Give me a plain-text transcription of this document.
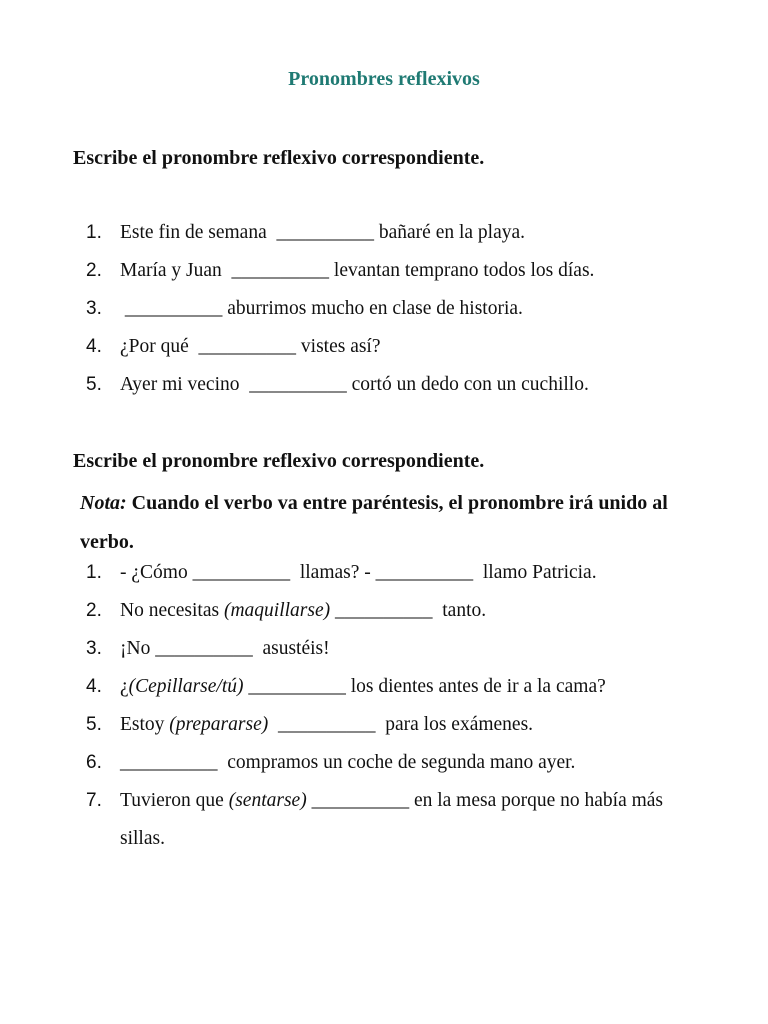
Pronombres reflexivos
Escribe el pronombre reflexivo correspondiente.
1. Este fin de semana  __________ bañaré en la playa.
2. María y Juan  __________ levantan temprano todos los días.
3. __________ aburrimos mucho en clase de historia.
4. ¿Por qué  __________ vistes así?
5. Ayer mi vecino  __________ cortó un dedo con un cuchillo.
Escribe el pronombre reflexivo correspondiente.
Nota: Cuando el verbo va entre paréntesis, el pronombre irá unido al verbo.
1. - ¿Cómo __________  llamas? - __________  llamo Patricia.
2. No necesitas (maquillarse) __________  tanto.
3. ¡No __________  asustéis!
4. ¿(Cepillarse/tú) __________ los dientes antes de ir a la cama?
5. Estoy (prepararse)  __________  para los exámenes.
6. __________  compramos un coche de segunda mano ayer.
7. Tuvieron que (sentarse) __________ en la mesa porque no había más sillas.
